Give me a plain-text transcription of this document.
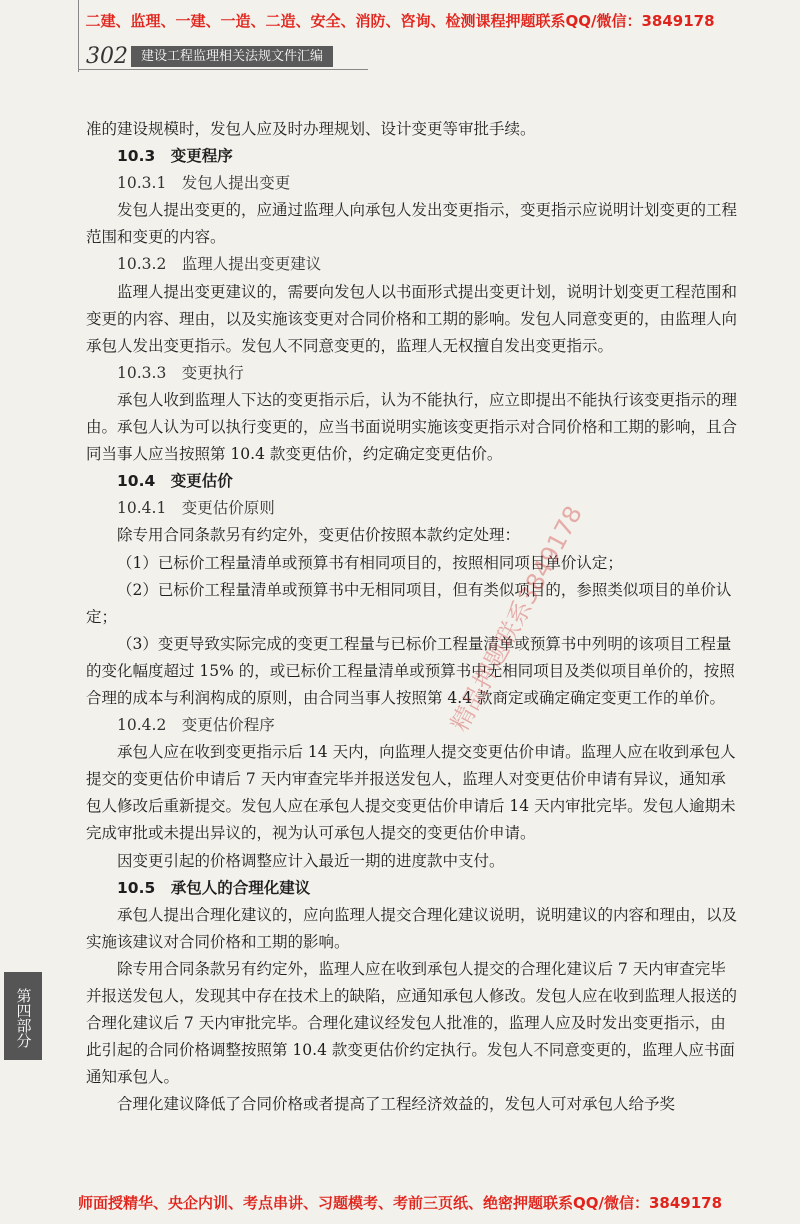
二建、监理、一建、一造、二造、安全、消防、咨询、检测课程押题联系QQ/微信：3849178
302	建设工程监理相关法规文件汇编
准的建设规模时，发包人应及时办理规划、设计变更等审批手续。
10.3　变更程序
10.3.1　发包人提出变更
发包人提出变更的，应通过监理人向承包人发出变更指示，变更指示应说明计划变更的工程范围和变更的内容。
10.3.2　监理人提出变更建议
监理人提出变更建议的，需要向发包人以书面形式提出变更计划，说明计划变更工程范围和变更的内容、理由，以及实施该变更对合同价格和工期的影响。发包人同意变更的，由监理人向承包人发出变更指示。发包人不同意变更的，监理人无权擅自发出变更指示。
10.3.3　变更执行
承包人收到监理人下达的变更指示后，认为不能执行，应立即提出不能执行该变更指示的理由。承包人认为可以执行变更的，应当书面说明实施该变更指示对合同价格和工期的影响，且合同当事人应当按照第 10.4 款变更估价，约定确定变更估价。
10.4　变更估价
10.4.1　变更估价原则
除专用合同条款另有约定外，变更估价按照本款约定处理：
（1）已标价工程量清单或预算书有相同项目的，按照相同项目单价认定；
（2）已标价工程量清单或预算书中无相同项目，但有类似项目的，参照类似项目的单价认定；
（3）变更导致实际完成的变更工程量与已标价工程量清单或预算书中列明的该项目工程量的变化幅度超过 15% 的，或已标价工程量清单或预算书中无相同项目及类似项目单价的，按照合理的成本与利润构成的原则，由合同当事人按照第 4.4 款商定或确定确定变更工作的单价。
10.4.2　变更估价程序
承包人应在收到变更指示后 14 天内，向监理人提交变更估价申请。监理人应在收到承包人提交的变更估价申请后 7 天内审查完毕并报送发包人，监理人对变更估价申请有异议，通知承包人修改后重新提交。发包人应在承包人提交变更估价申请后 14 天内审批完毕。发包人逾期未完成审批或未提出异议的，视为认可承包人提交的变更估价申请。
因变更引起的价格调整应计入最近一期的进度款中支付。
10.5　承包人的合理化建议
承包人提出合理化建议的，应向监理人提交合理化建议说明，说明建议的内容和理由，以及实施该建议对合同价格和工期的影响。
除专用合同条款另有约定外，监理人应在收到承包人提交的合理化建议后 7 天内审查完毕并报送发包人，发现其中存在技术上的缺陷，应通知承包人修改。发包人应在收到监理人报送的合理化建议后 7 天内审批完毕。合理化建议经发包人批准的，监理人应及时发出变更指示，由此引起的合同价格调整按照第 10.4 款变更估价约定执行。发包人不同意变更的，监理人应书面通知承包人。
合理化建议降低了合同价格或者提高了工程经济效益的，发包人可对承包人给予奖
第四部分
精品押题联系3849178
师面授精华、央企内训、考点串讲、习题模考、考前三页纸、绝密押题联系QQ/微信：3849178
